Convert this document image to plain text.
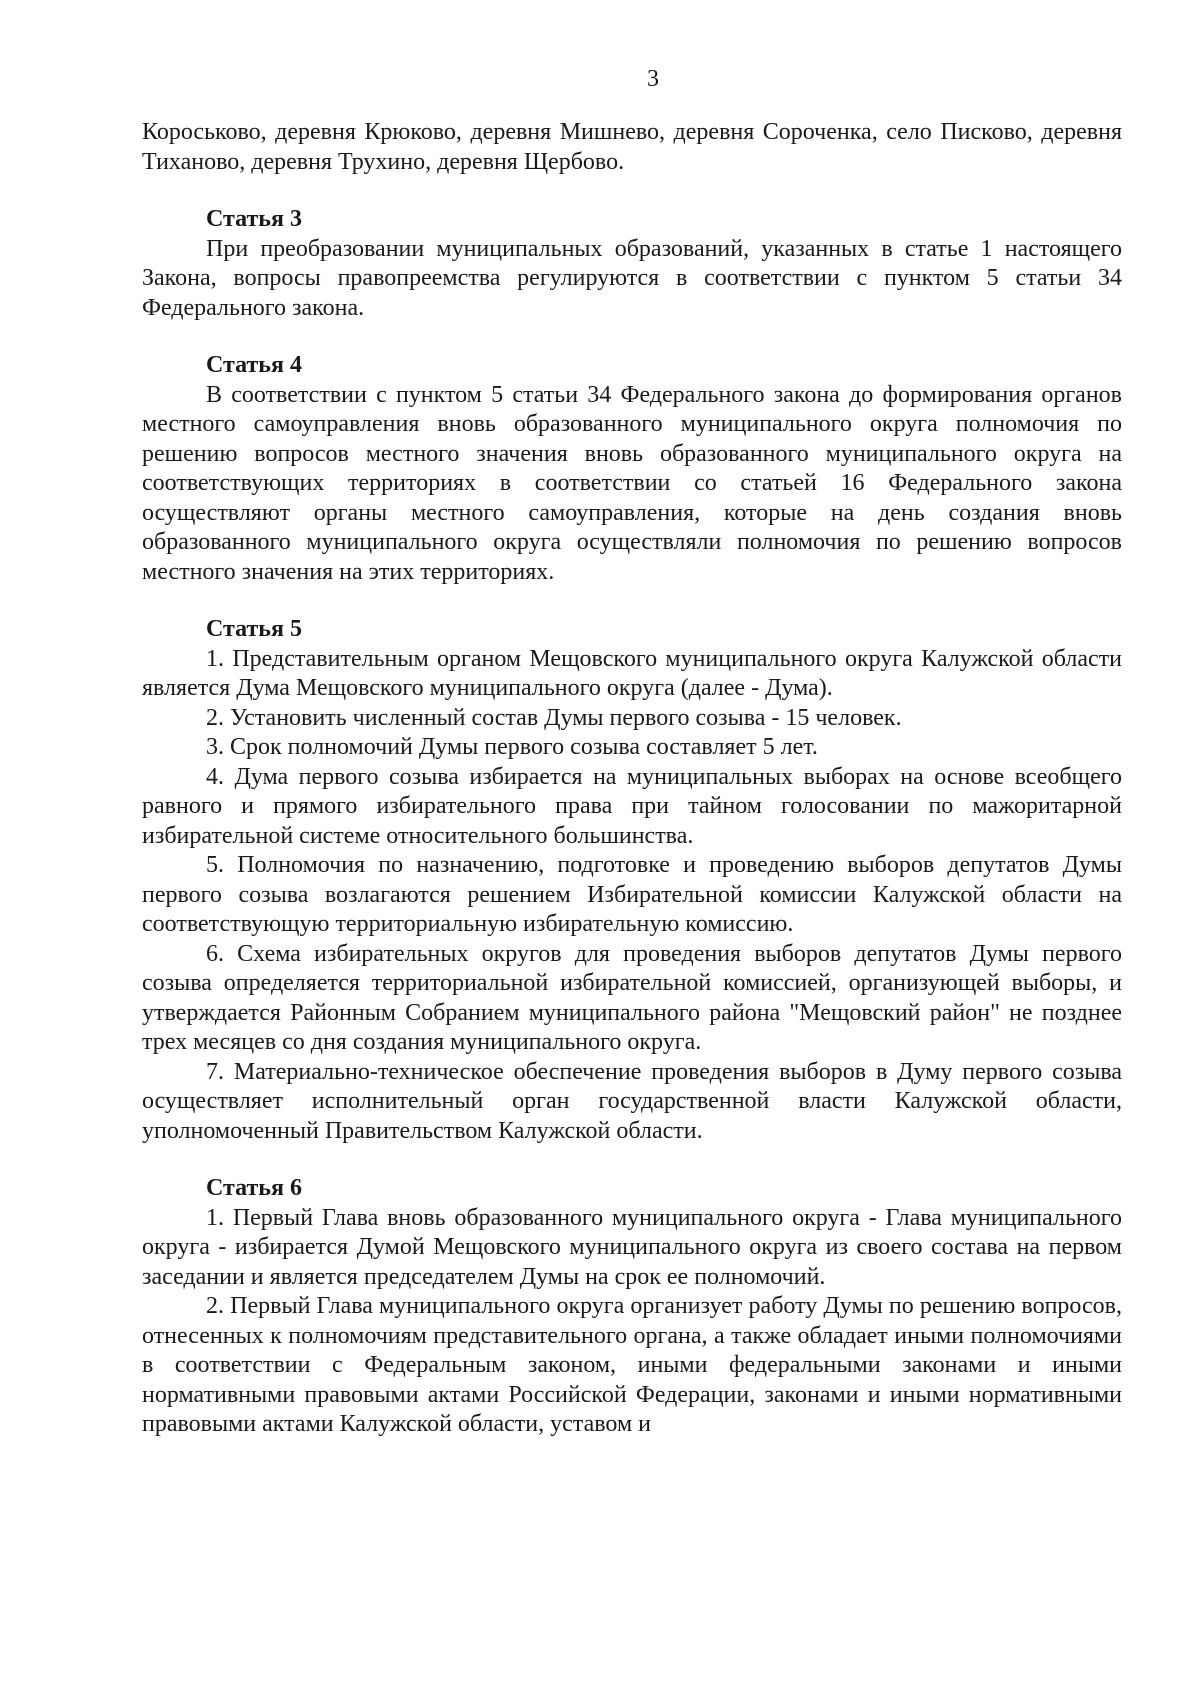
3

Короськово, деревня Крюково, деревня Мишнево, деревня Сороченка, село Писково, деревня Тиханово, деревня Трухино, деревня Щербово.

Статья 3

При преобразовании муниципальных образований, указанных в статье 1 настоящего Закона, вопросы правопреемства регулируются в соответствии с пунктом 5 статьи 34 Федерального закона.

Статья 4

В соответствии с пунктом 5 статьи 34 Федерального закона до формирования органов местного самоуправления вновь образованного муниципального округа полномочия по решению вопросов местного значения вновь образованного муниципального округа на соответствующих территориях в соответствии со статьей 16 Федерального закона осуществляют органы местного самоуправления, которые на день создания вновь образованного муниципального округа осуществляли полномочия по решению вопросов местного значения на этих территориях.

Статья 5

1. Представительным органом Мещовского муниципального округа Калужской области является Дума Мещовского муниципального округа (далее - Дума).

2. Установить численный состав Думы первого созыва - 15 человек.

3. Срок полномочий Думы первого созыва составляет 5 лет.

4. Дума первого созыва избирается на муниципальных выборах на основе всеобщего равного и прямого избирательного права при тайном голосовании по мажоритарной избирательной системе относительного большинства.

5. Полномочия по назначению, подготовке и проведению выборов депутатов Думы первого созыва возлагаются решением Избирательной комиссии Калужской области на соответствующую территориальную избирательную комиссию.

6. Схема избирательных округов для проведения выборов депутатов Думы первого созыва определяется территориальной избирательной комиссией, организующей выборы, и утверждается Районным Собранием муниципального района "Мещовский район" не позднее трех месяцев со дня создания муниципального округа.

7. Материально-техническое обеспечение проведения выборов в Думу первого созыва осуществляет исполнительный орган государственной власти Калужской области, уполномоченный Правительством Калужской области.

Статья 6

1. Первый Глава вновь образованного муниципального округа - Глава муниципального округа - избирается Думой Мещовского муниципального округа из своего состава на первом заседании и является председателем Думы на срок ее полномочий.

2. Первый Глава муниципального округа организует работу Думы по решению вопросов, отнесенных к полномочиям представительного органа, а также обладает иными полномочиями в соответствии с Федеральным законом, иными федеральными законами и иными нормативными правовыми актами Российской Федерации, законами и иными нормативными правовыми актами Калужской области, уставом и
